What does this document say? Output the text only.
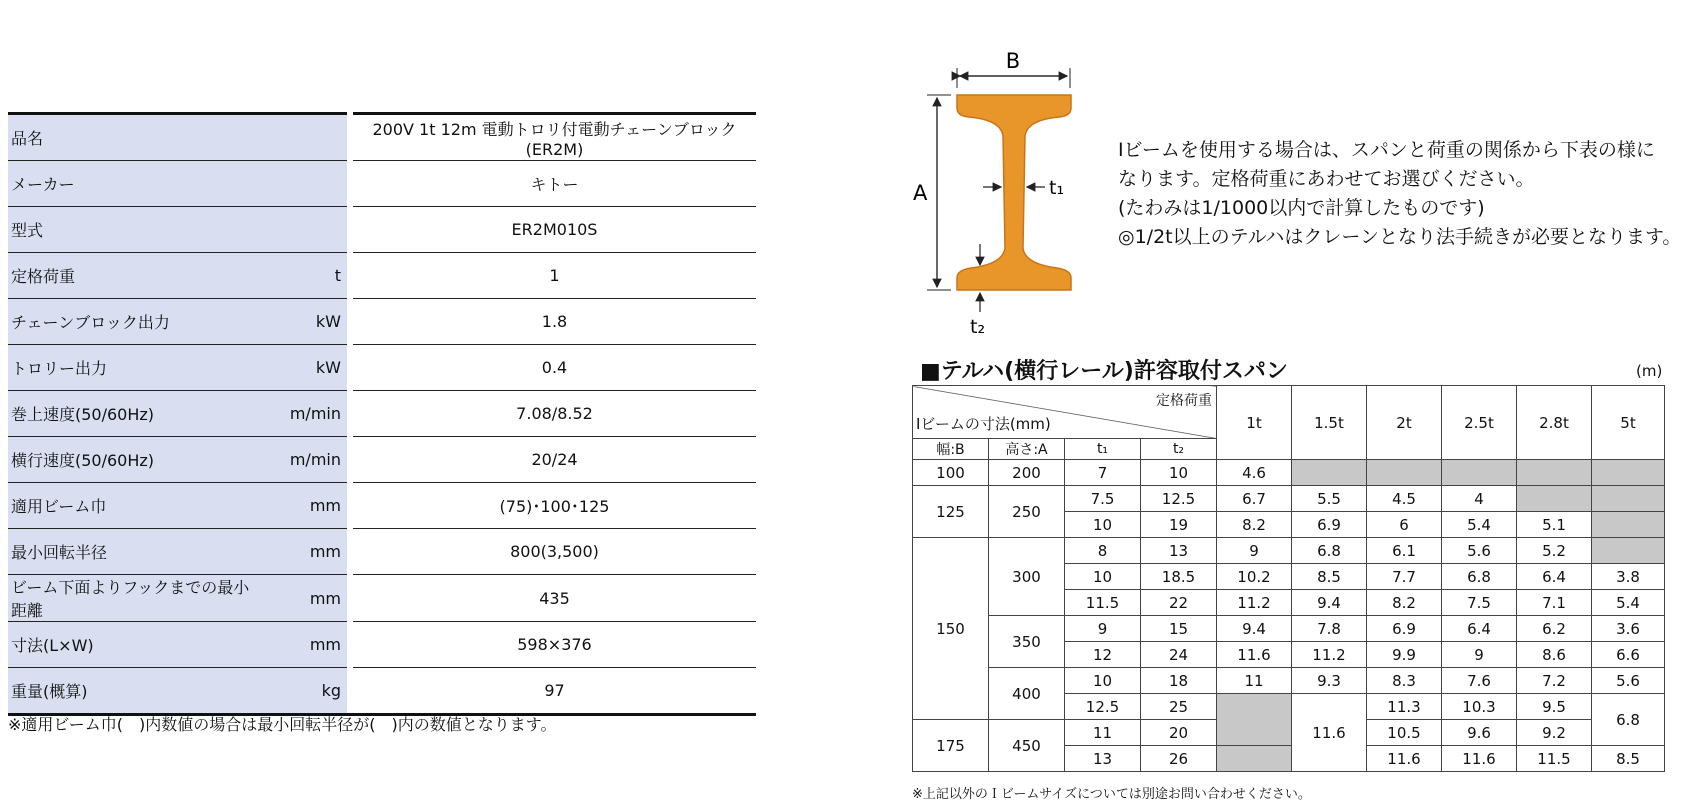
品名			200V 1t 12m 電動トロリ付電動チェーンブロック(ER2M)
メーカー			キトー
型式			ER2M010S
定格荷重	t		1
チェーンブロック出力	kW		1.8
トロリー出力	kW		0.4
巻上速度(50/60Hz)	m/min		7.08/8.52
横行速度(50/60Hz)	m/min		20/24
適用ビーム巾	mm		(75)･100･125
最小回転半径	mm		800(3,500)
ビーム下面よりフックまでの最小距離	mm		435
寸法(L×W)	mm		598×376
重量(概算)	kg		97
※適用ビーム巾(　)内数値の場合は最小回転半径が(　)内の数値となります。
B
A	t₁
t₂
Iビームを使用する場合は、スパンと荷重の関係から下表の様に
なります。定格荷重にあわせてお選びください。
(たわみは1/1000以内で計算したものです)
◎1/2t以上のテルハはクレーンとなり法手続きが必要となります。
■テルハ(横行レール)許容取付スパン	(m)
定格荷重
Iビームの寸法(mm)				1t	1.5t	2t	2.5t	2.8t	5t
幅:B	高さ:A	t₁	t₂						
100	200	7	10	4.6					
125	250	7.5	12.5	6.7	5.5	4.5	4		
		10	19	8.2	6.9	6	5.4	5.1	
150	300	8	13	9	6.8	6.1	5.6	5.2	
		10	18.5	10.2	8.5	7.7	6.8	6.4	3.8
		11.5	22	11.2	9.4	8.2	7.5	7.1	5.4
	350	9	15	9.4	7.8	6.9	6.4	6.2	3.6
		12	24	11.6	11.2	9.9	9	8.6	6.6
	400	10	18	11	9.3	8.3	7.6	7.2	5.6
		12.5	25		11.6	11.3	10.3	9.5	6.8
175	450	11	20			10.5	9.6	9.2	
		13	26			11.6	11.6	11.5	8.5
※上記以外のＩビームサイズについては別途お問い合わせください。
